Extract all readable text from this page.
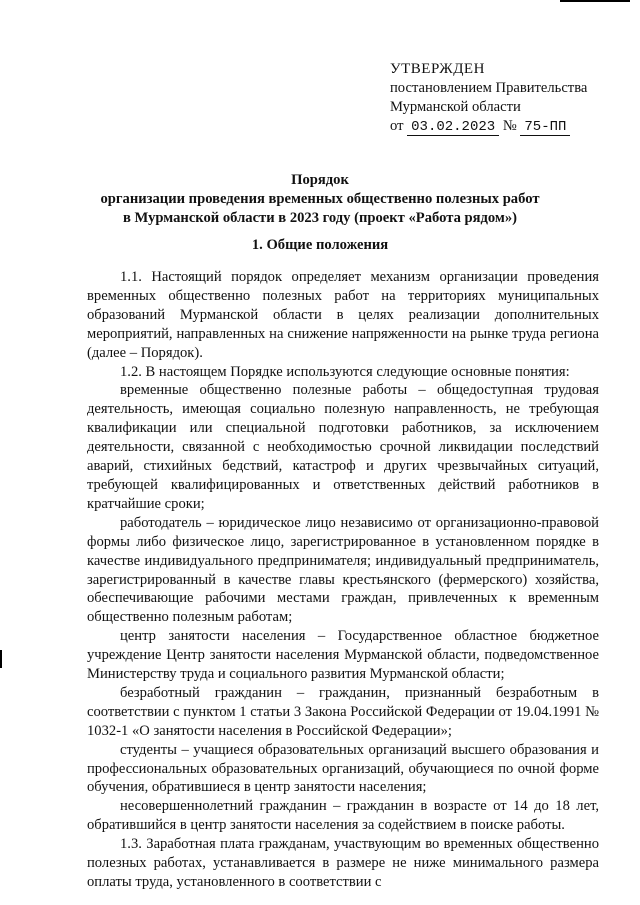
УТВЕРЖДЕН
постановлением Правительства
Мурманской области
от 03.02.2023 № 75-ПП
Порядок
организации проведения временных общественно полезных работ
в Мурманской области в 2023 году (проект «Работа рядом»)
1. Общие положения

1.1. Настоящий порядок определяет механизм организации проведения временных общественно полезных работ на территориях муниципальных образований Мурманской области в целях реализации дополнительных мероприятий, направленных на снижение напряженности на рынке труда региона (далее – Порядок).

1.2. В настоящем Порядке используются следующие основные понятия:

временные общественно полезные работы – общедоступная трудовая деятельность, имеющая социально полезную направленность, не требующая квалификации или специальной подготовки работников, за исключением деятельности, связанной с необходимостью срочной ликвидации последствий аварий, стихийных бедствий, катастроф и других чрезвычайных ситуаций, требующей квалифицированных и ответственных действий работников в кратчайшие сроки;

работодатель – юридическое лицо независимо от организационно-правовой формы либо физическое лицо, зарегистрированное в установленном порядке в качестве индивидуального предпринимателя; индивидуальный предприниматель, зарегистрированный в качестве главы крестьянского (фермерского) хозяйства, обеспечивающие рабочими местами граждан, привлеченных к временным общественно полезным работам;

центр занятости населения – Государственное областное бюджетное учреждение Центр занятости населения Мурманской области, подведомственное Министерству труда и социального развития Мурманской области;

безработный гражданин – гражданин, признанный безработным в соответствии с пунктом 1 статьи 3 Закона Российской Федерации от 19.04.1991 № 1032-1 «О занятости населения в Российской Федерации»;

студенты – учащиеся образовательных организаций высшего образования и профессиональных образовательных организаций, обучающиеся по очной форме обучения, обратившиеся в центр занятости населения;

несовершеннолетний гражданин – гражданин в возрасте от 14 до 18 лет, обратившийся в центр занятости населения за содействием в поиске работы.

1.3. Заработная плата гражданам, участвующим во временных общественно полезных работах, устанавливается в размере не ниже минимального размера оплаты труда, установленного в соответствии с
